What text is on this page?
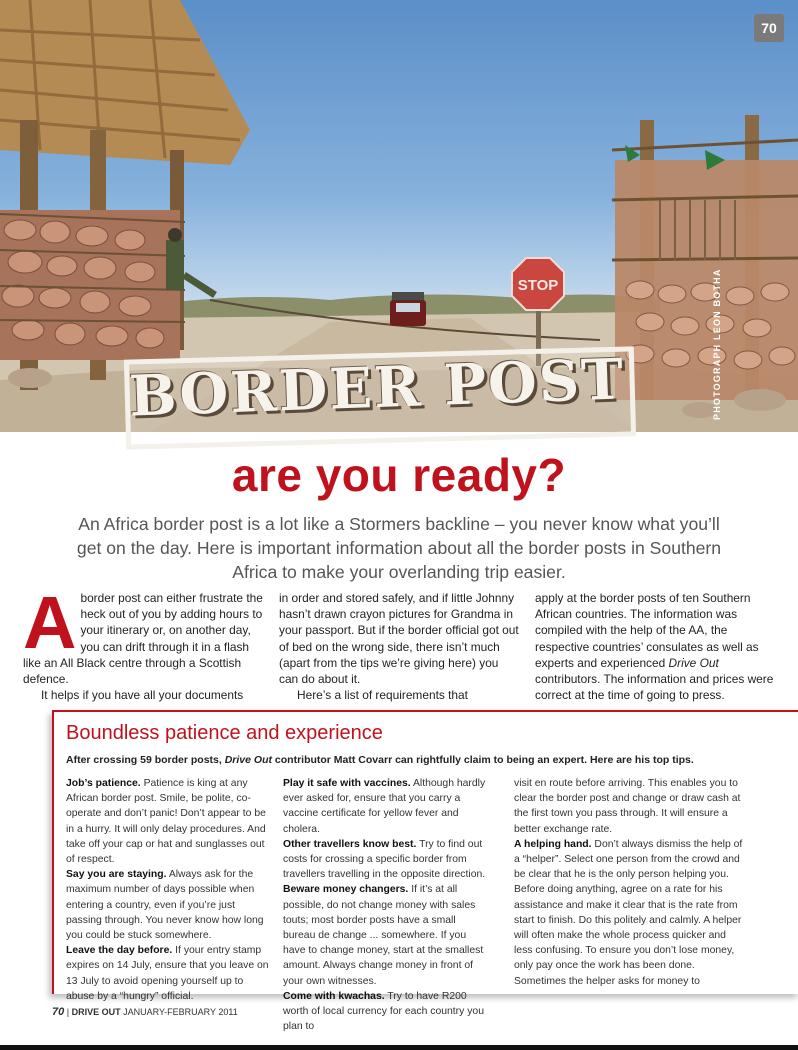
STOP
70
PHOTOGRAPH LEON BOTHA
BORDER POST
are you ready?
An Africa border post is a lot like a Stormers backline – you never know what you’ll get on the day. Here is important information about all the border posts in Southern Africa to make your overlanding trip easier.
A border post can either frustrate the heck out of you by adding hours to your itinerary or, on another day, you can drift through it in a flash like an All Black centre through a Scottish defence.

It helps if you have all your documents

in order and stored safely, and if little Johnny hasn’t drawn crayon pictures for Grandma in your passport. But if the border official got out of bed on the wrong side, there isn’t much (apart from the tips we’re giving here) you can do about it.

Here’s a list of requirements that

apply at the border posts of ten Southern African countries. The information was compiled with the help of the AA, the respective countries’ consulates as well as experts and experienced Drive Out contributors. The information and prices were correct at the time of going to press.

Boundless patience and experience
After crossing 59 border posts, Drive Out contributor Matt Covarr can rightfully claim to being an expert. Here are his top tips.

Job’s patience. Patience is king at any African border post. Smile, be polite, co-operate and don’t panic! Don’t appear to be in a hurry. It will only delay procedures. And take off your cap or hat and sunglasses out of respect.

Say you are staying. Always ask for the maximum number of days possible when entering a country, even if you’re just passing through. You never know how long you could be stuck somewhere.

Leave the day before. If your entry stamp expires on 14 July, ensure that you leave on 13 July to avoid opening yourself up to abuse by a “hungry” official.

Play it safe with vaccines. Although hardly ever asked for, ensure that you carry a vaccine certificate for yellow fever and cholera.

Other travellers know best. Try to find out costs for crossing a specific border from travellers travelling in the opposite direction.

Beware money changers. If it’s at all possible, do not change money with sales touts; most border posts have a small bureau de change ... somewhere. If you have to change money, start at the smallest amount. Always change money in front of your own witnesses.

Come with kwachas. Try to have R200 worth of local currency for each country you plan to

visit en route before arriving. This enables you to clear the border post and change or draw cash at the first town you pass through. It will ensure a better exchange rate.

A helping hand. Don’t always dismiss the help of a “helper”. Select one person from the crowd and be clear that he is the only person helping you. Before doing anything, agree on a rate for his assistance and make it clear that is the rate from start to finish. Do this politely and calmly. A helper will often make the whole process quicker and less confusing. To ensure you don’t lose money, only pay once the work has been done. Sometimes the helper asks for money to

70 | DRIVE OUT JANUARY-FEBRUARY 2011
